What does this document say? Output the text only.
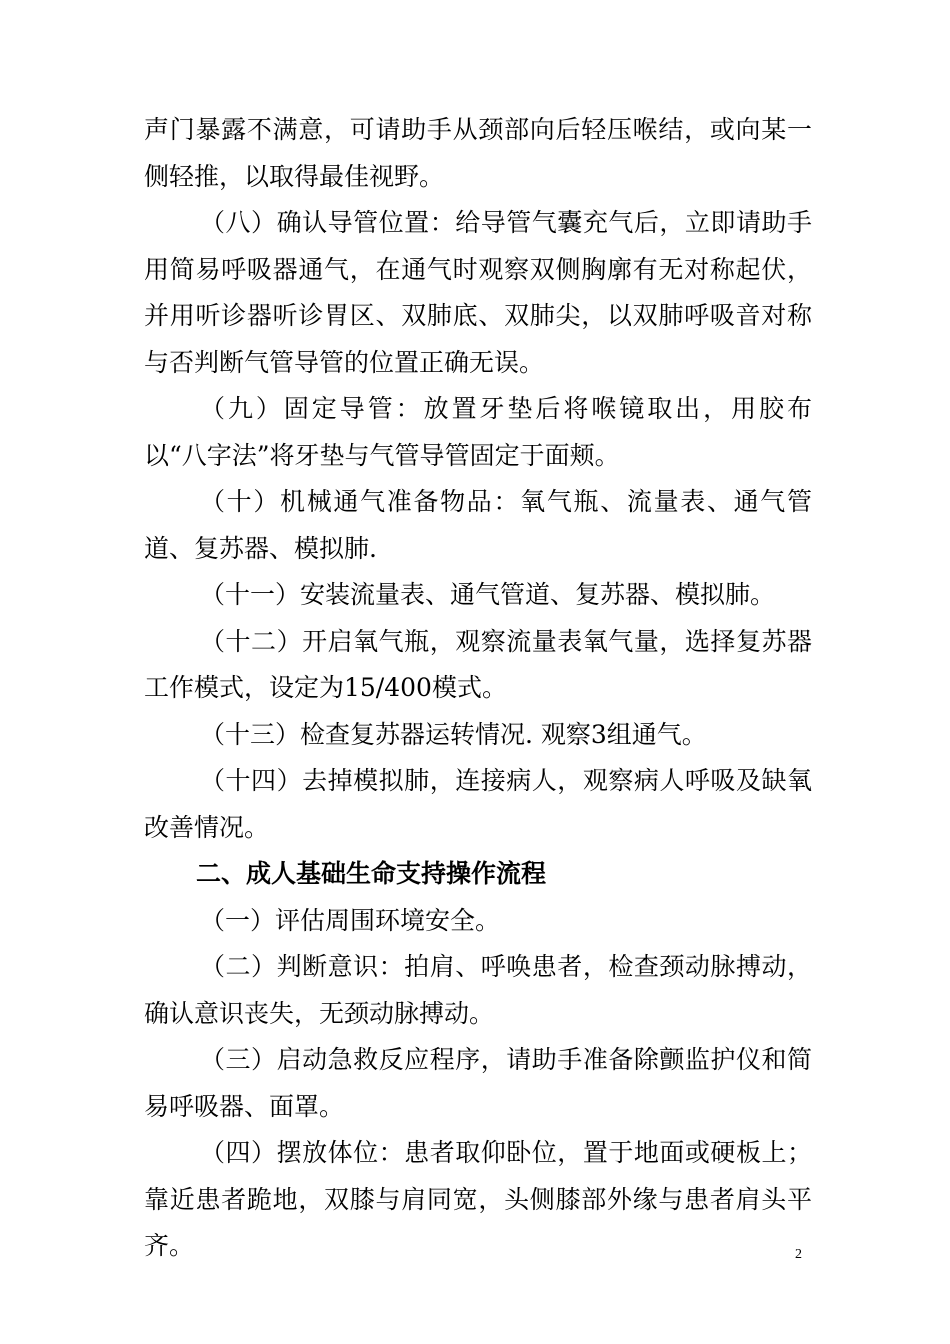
声门暴露不满意，可请助手从颈部向后轻压喉结，或向某一侧轻推，以取得最佳视野。

（八）确认导管位置：给导管气囊充气后，立即请助手用简易呼吸器通气，在通气时观察双侧胸廓有无对称起伏，并用听诊器听诊胃区、双肺底、双肺尖，以双肺呼吸音对称与否判断气管导管的位置正确无误。

（九）固定导管：放置牙垫后将喉镜取出，用胶布以“八字法”将牙垫与气管导管固定于面颊。

（十）机械通气准备物品：氧气瓶、流量表、通气管道、复苏器、模拟肺.

（十一）安装流量表、通气管道、复苏器、模拟肺。

（十二）开启氧气瓶，观察流量表氧气量，选择复苏器工作模式，设定为15/400模式。

（十三）检查复苏器运转情况. 观察3组通气。

（十四）去掉模拟肺，连接病人，观察病人呼吸及缺氧改善情况。

二、成人基础生命支持操作流程

（一）评估周围环境安全。

（二）判断意识：拍肩、呼唤患者，检查颈动脉搏动，确认意识丧失，无颈动脉搏动。

（三）启动急救反应程序，请助手准备除颤监护仪和简易呼吸器、面罩。

（四）摆放体位：患者取仰卧位，置于地面或硬板上；靠近患者跪地，双膝与肩同宽，头侧膝部外缘与患者肩头平齐。	2
